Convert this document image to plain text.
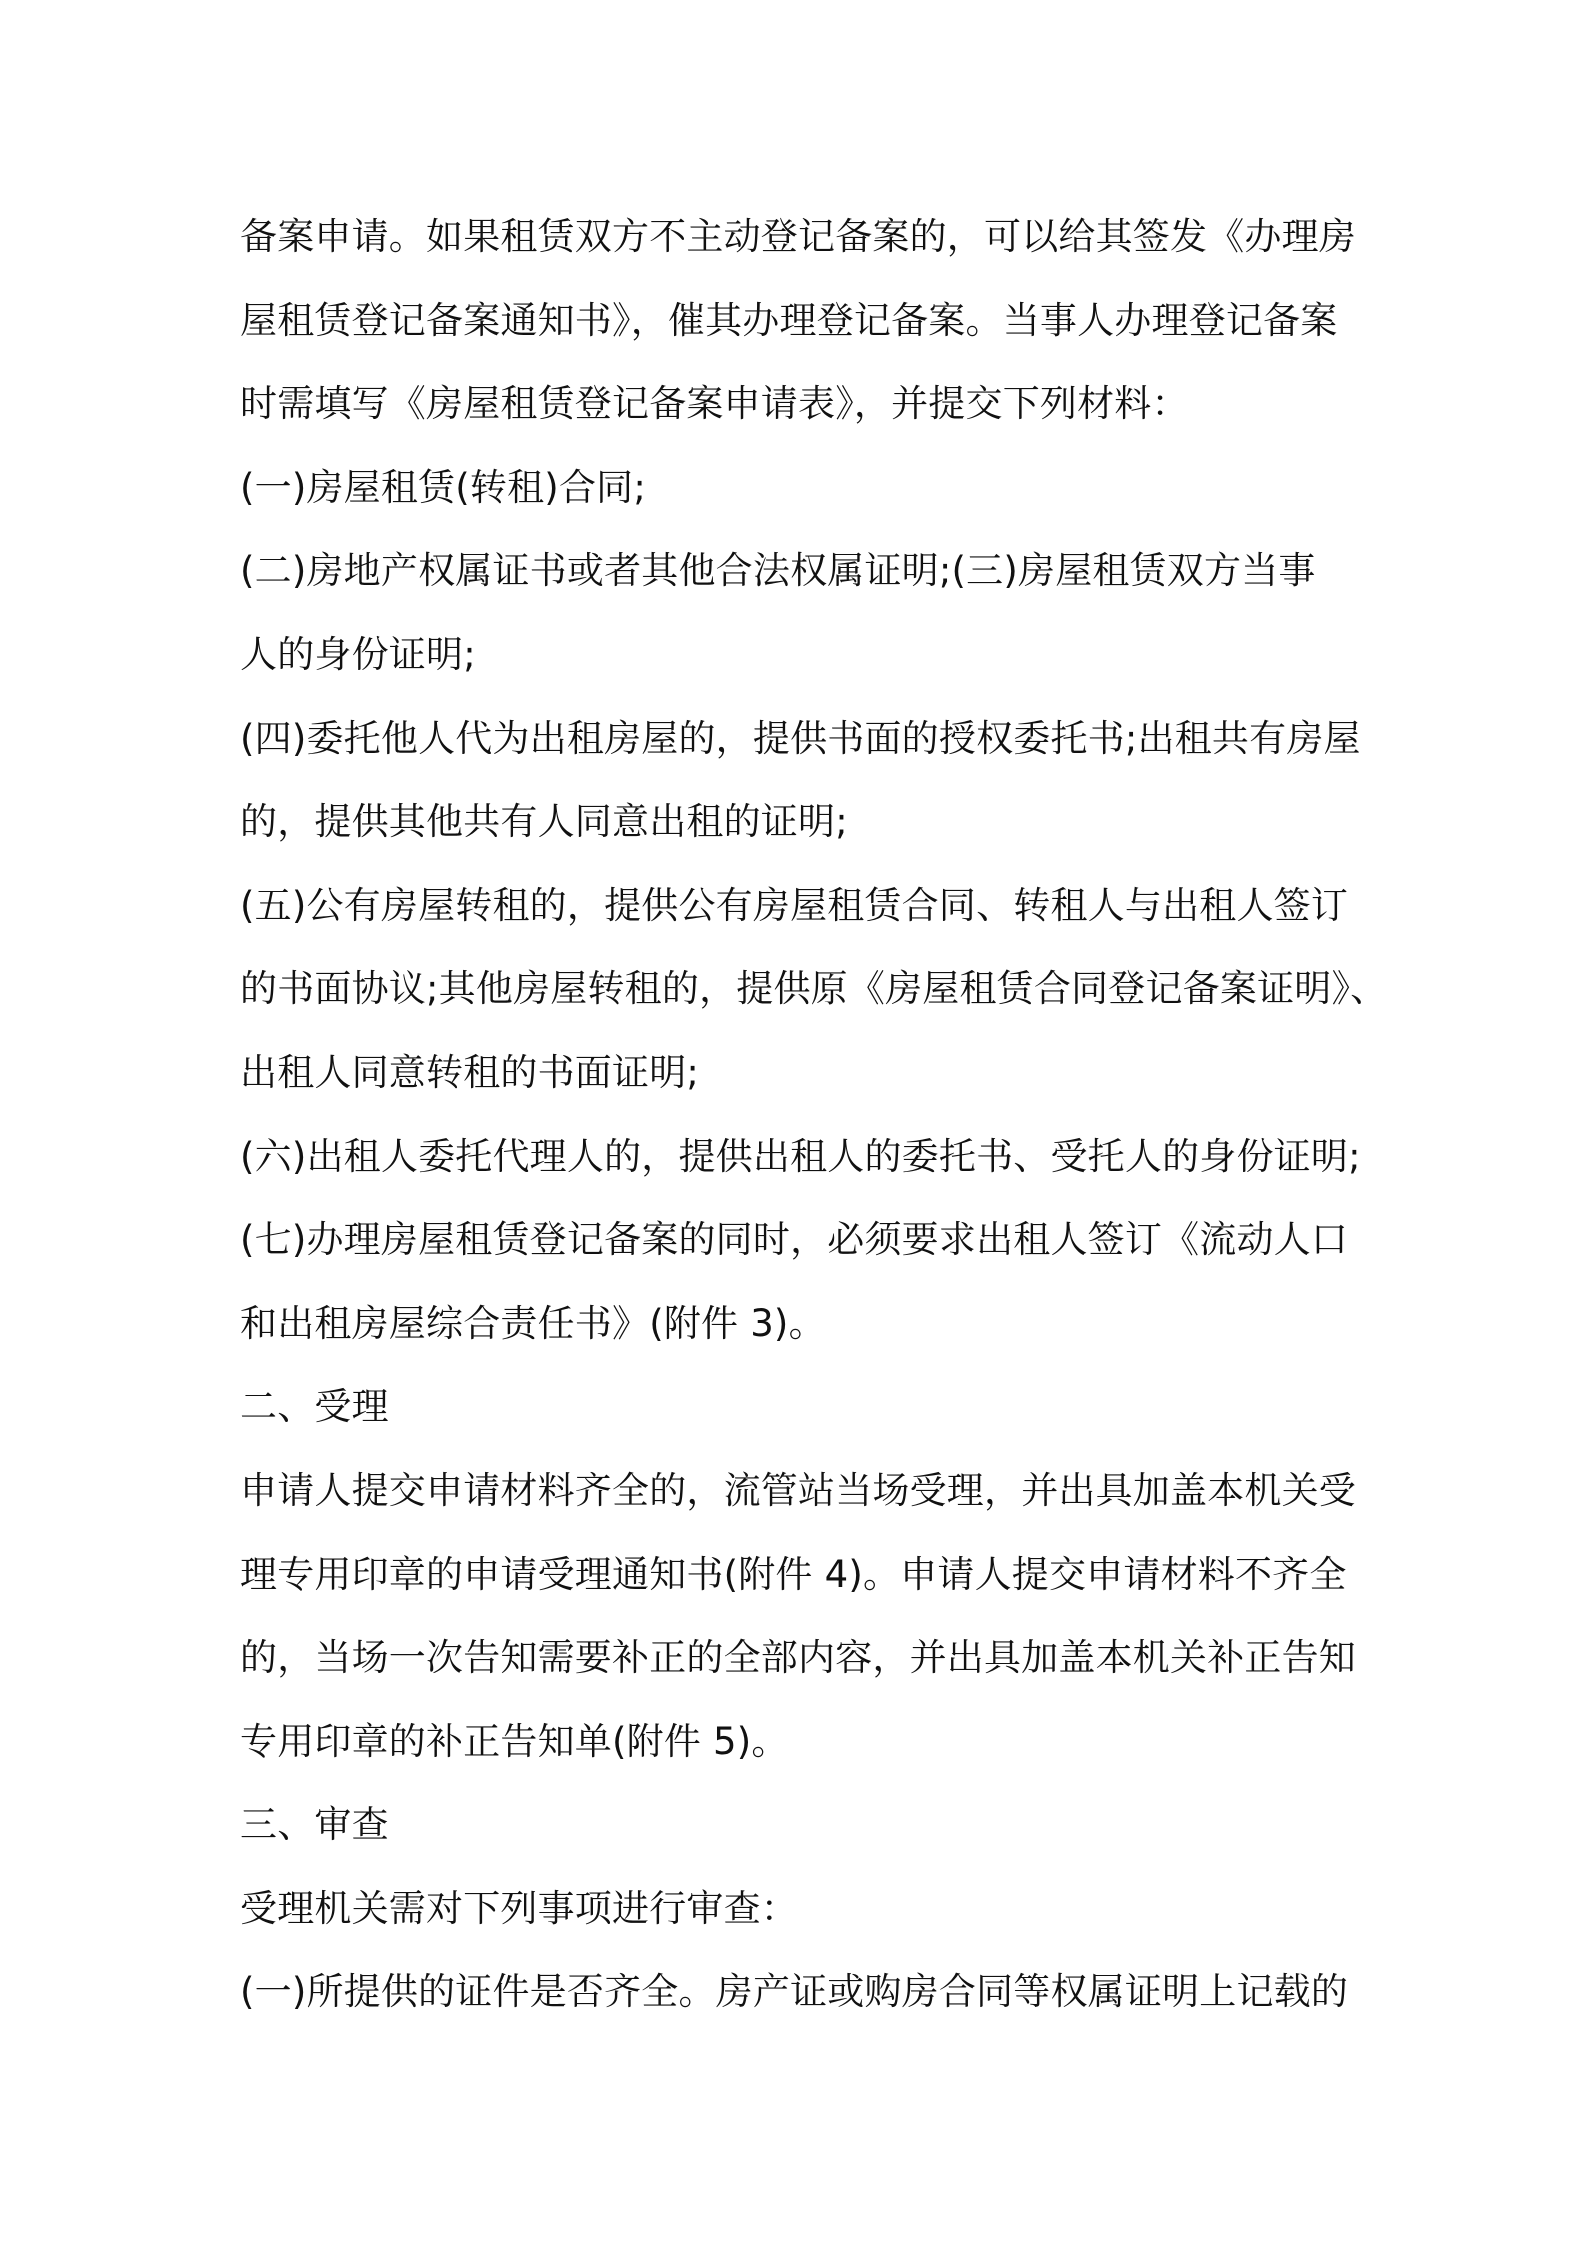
备案申请。如果租赁双方不主动登记备案的，可以给其签发《办理房
屋租赁登记备案通知书》，催其办理登记备案。当事人办理登记备案
时需填写《房屋租赁登记备案申请表》，并提交下列材料：
(一)房屋租赁(转租)合同;
(二)房地产权属证书或者其他合法权属证明;(三)房屋租赁双方当事
人的身份证明;
(四)委托他人代为出租房屋的，提供书面的授权委托书;出租共有房屋
的，提供其他共有人同意出租的证明;
(五)公有房屋转租的，提供公有房屋租赁合同、转租人与出租人签订
的书面协议;其他房屋转租的，提供原《房屋租赁合同登记备案证明》、
出租人同意转租的书面证明;
(六)出租人委托代理人的，提供出租人的委托书、受托人的身份证明;
(七)办理房屋租赁登记备案的同时，必须要求出租人签订《流动人口
和出租房屋综合责任书》(附件 3)。
二、受理
申请人提交申请材料齐全的，流管站当场受理，并出具加盖本机关受
理专用印章的申请受理通知书(附件 4)。申请人提交申请材料不齐全
的，当场一次告知需要补正的全部内容，并出具加盖本机关补正告知
专用印章的补正告知单(附件 5)。
三、审查
受理机关需对下列事项进行审查：
(一)所提供的证件是否齐全。房产证或购房合同等权属证明上记载的
